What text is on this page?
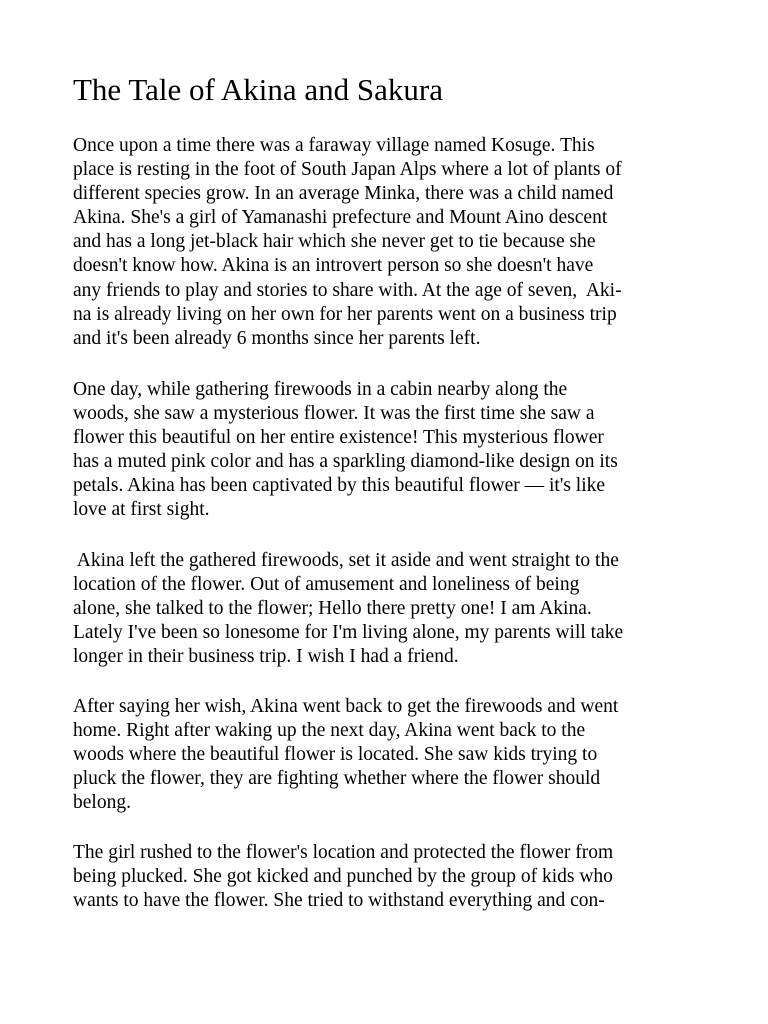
The Tale of Akina and Sakura

Once upon a time there was a faraway village named Kosuge. This
place is resting in the foot of South Japan Alps where a lot of plants of
different species grow. In an average Minka, there was a child named
Akina. She's a girl of Yamanashi prefecture and Mount Aino descent
and has a long jet-black hair which she never get to tie because she
doesn't know how. Akina is an introvert person so she doesn't have
any friends to play and stories to share with. At the age of seven,  Aki-
na is already living on her own for her parents went on a business trip
and it's been already 6 months since her parents left.

One day, while gathering firewoods in a cabin nearby along the
woods, she saw a mysterious flower. It was the first time she saw a
flower this beautiful on her entire existence! This mysterious flower
has a muted pink color and has a sparkling diamond-like design on its
petals. Akina has been captivated by this beautiful flower — it's like
love at first sight.

Akina left the gathered firewoods, set it aside and went straight to the
location of the flower. Out of amusement and loneliness of being
alone, she talked to the flower; Hello there pretty one! I am Akina.
Lately I've been so lonesome for I'm living alone, my parents will take
longer in their business trip. I wish I had a friend.

After saying her wish, Akina went back to get the firewoods and went
home. Right after waking up the next day, Akina went back to the
woods where the beautiful flower is located. She saw kids trying to
pluck the flower, they are fighting whether where the flower should
belong.

The girl rushed to the flower's location and protected the flower from
being plucked. She got kicked and punched by the group of kids who
wants to have the flower. She tried to withstand everything and con-
